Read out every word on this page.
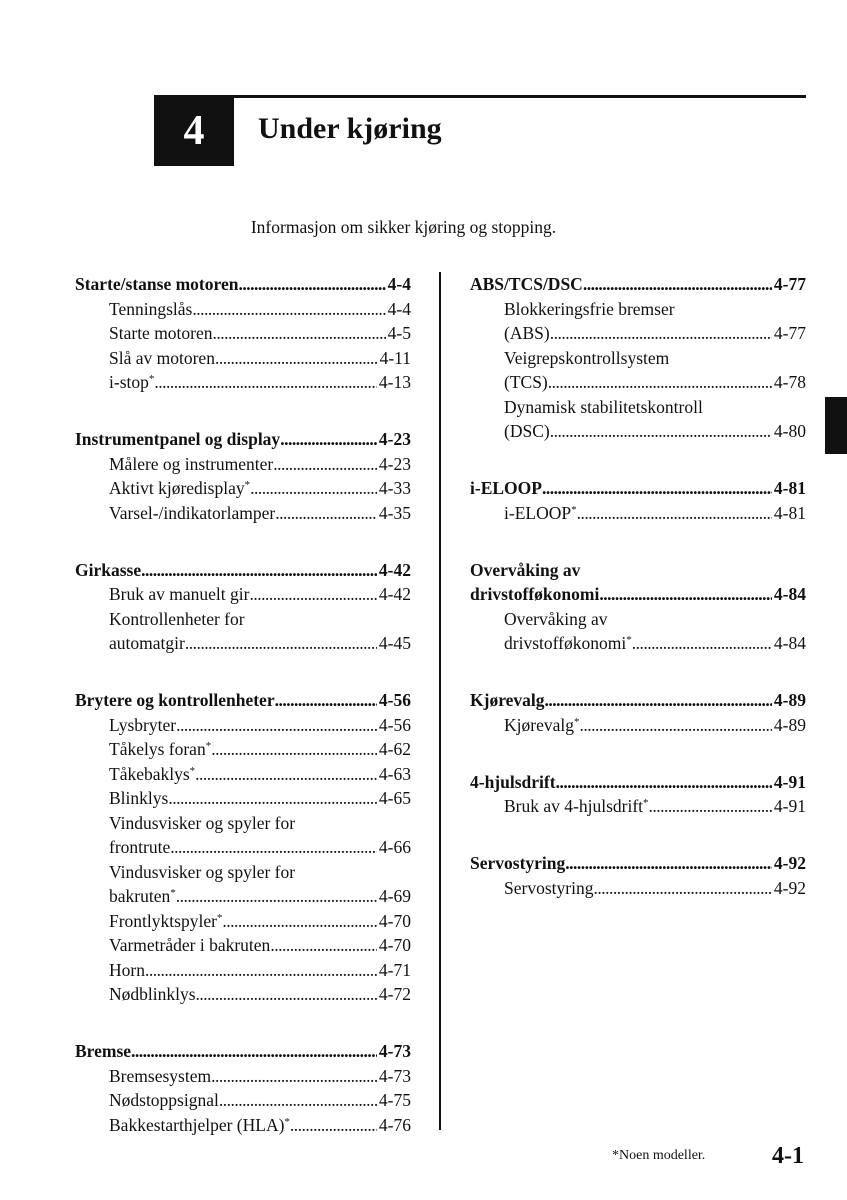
4 Under kjøring
Informasjon om sikker kjøring og stopping.
Starte/stanse motoren .....	4-4
Tenningslås .....	4-4
Starte motoren .....	4-5
Slå av motoren .....	4-11
i-stop* .....	4-13
Instrumentpanel og display .....	4-23
Målere og instrumenter .....	4-23
Aktivt kjøredisplay* .....	4-33
Varsel-/indikatorlamper .....	4-35
Girkasse .....	4-42
Bruk av manuelt gir .....	4-42
Kontrollenheter for
automatgir .....	4-45
Brytere og kontrollenheter .....	4-56
Lysbryter .....	4-56
Tåkelys foran* .....	4-62
Tåkebaklys* .....	4-63
Blinklys .....	4-65
Vindusvisker og spyler for
frontrute .....	4-66
Vindusvisker og spyler for
bakruten* .....	4-69
Frontlyktspyler* .....	4-70
Varmetråder i bakruten .....	4-70
Horn .....	4-71
Nødblinklys .....	4-72
Bremse .....	4-73
Bremsesystem .....	4-73
Nødstoppsignal .....	4-75
Bakkestarthjelper (HLA)* .....	4-76
ABS/TCS/DSC .....	4-77
Blokkeringsfrie bremser
(ABS) .....	4-77
Veigrepskontrollsystem
(TCS) .....	4-78
Dynamisk stabilitetskontroll
(DSC) .....	4-80
i-ELOOP .....	4-81
i-ELOOP* .....	4-81
Overvåking av
drivstofføkonomi .....	4-84
Overvåking av
drivstofføkonomi* .....	4-84
Kjørevalg .....	4-89
Kjørevalg* .....	4-89
4-hjulsdrift .....	4-91
Bruk av 4-hjulsdrift* .....	4-91
Servostyring .....	4-92
Servostyring .....	4-92
*Noen modeller.	4-1
